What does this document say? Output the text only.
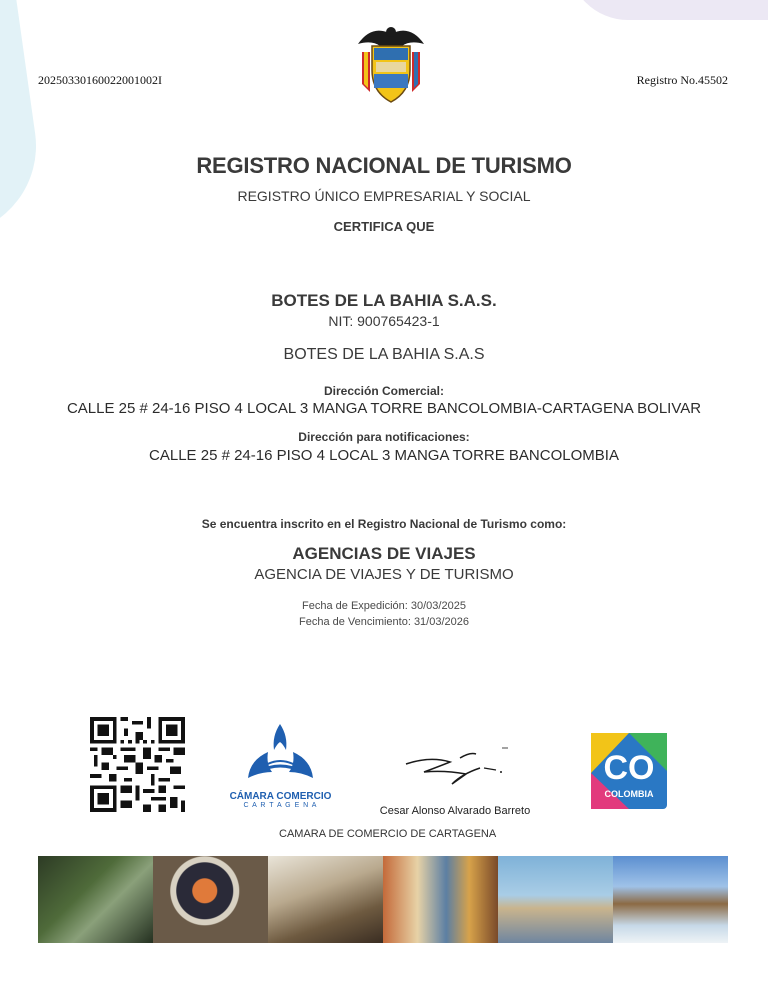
20250330160022001002I	Registro No.45502
REGISTRO NACIONAL DE TURISMO
REGISTRO ÚNICO EMPRESARIAL Y SOCIAL
CERTIFICA QUE
BOTES DE LA BAHIA S.A.S.
NIT: 900765423-1
BOTES DE LA BAHIA S.A.S
Dirección Comercial:
CALLE 25 # 24-16 PISO 4 LOCAL 3 MANGA TORRE BANCOLOMBIA-CARTAGENA BOLIVAR
Dirección para notificaciones:
CALLE 25 # 24-16 PISO 4 LOCAL 3 MANGA TORRE BANCOLOMBIA
Se encuentra inscrito en el Registro Nacional de Turismo como:
AGENCIAS DE VIAJES
AGENCIA DE VIAJES Y DE TURISMO
Fecha de Expedición: 30/03/2025
Fecha de Vencimiento: 31/03/2026
CÁMARA COMERCIO
C A R T A G E N A	Cesar Alonso Alvarado Barreto
CAMARA DE COMERCIO DE CARTAGENA
CO
COLOMBIA
